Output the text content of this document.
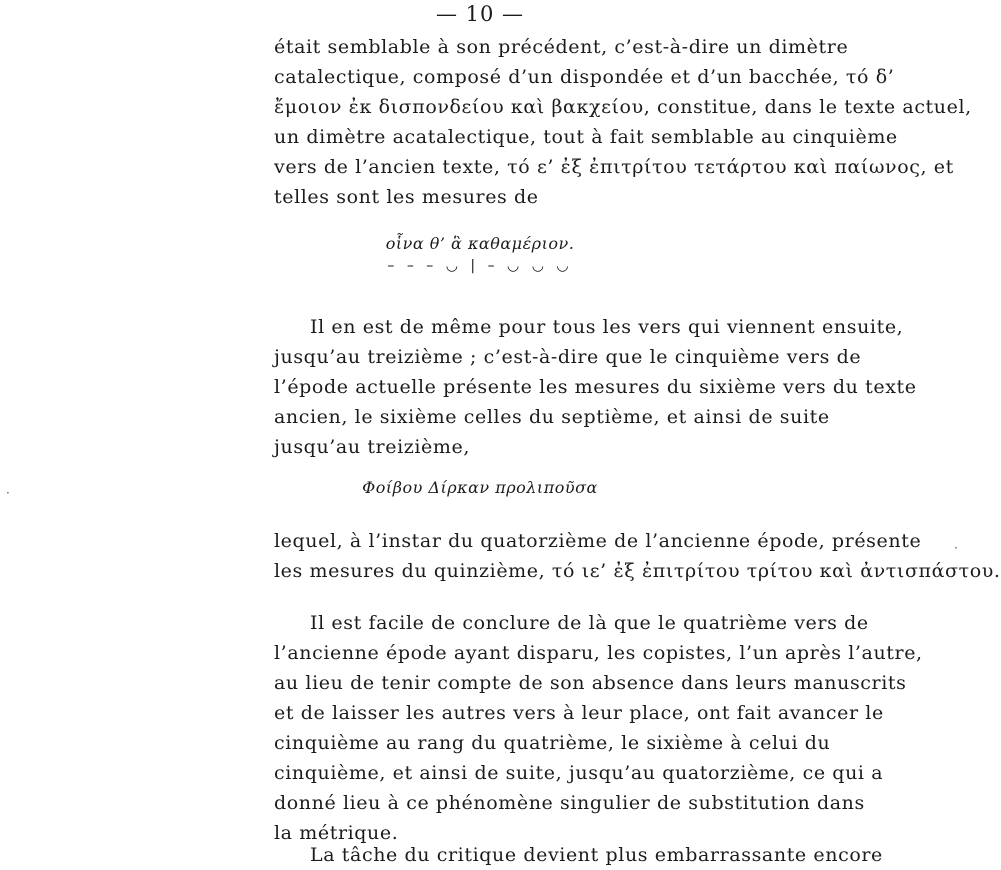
— 10 —
était semblable à son précédent, c’est-à-dire un dimètre
catalectique, composé d’un dispondée et d’un bacchée, τό δ’
ἔμοιον ἐκ δισπονδείου καὶ βακχείου, constitue, dans le texte actuel,
un dimètre acatalectique, tout à fait semblable au cinquième
vers de l’ancien texte, τό ε’ ἐξ ἐπιτρίτου τετάρτου καὶ παίωνος, et
telles sont les mesures de
οἷνα θ’ ἃ καθαμέριον.
– – – ◡ | – ◡ ◡ ◡
Il en est de même pour tous les vers qui viennent ensuite,
jusqu’au treizième ; c’est-à-dire que le cinquième vers de
l’épode actuelle présente les mesures du sixième vers du texte
ancien, le sixième celles du septième, et ainsi de suite
jusqu’au treizième,
Φοίβου Δίρκαν προλιποῦσα
lequel, à l’instar du quatorzième de l’ancienne épode, présente
les mesures du quinzième, τό ιε’ ἐξ ἐπιτρίτου τρίτου καὶ ἀντισπάστου.
Il est facile de conclure de là que le quatrième vers de
l’ancienne épode ayant disparu, les copistes, l’un après l’autre,
au lieu de tenir compte de son absence dans leurs manuscrits
et de laisser les autres vers à leur place, ont fait avancer le
cinquième au rang du quatrième, le sixième à celui du
cinquième, et ainsi de suite, jusqu’au quatorzième, ce qui a
donné lieu à ce phénomène singulier de substitution dans
la métrique.
La tâche du critique devient plus embarrassante encore
·
·
